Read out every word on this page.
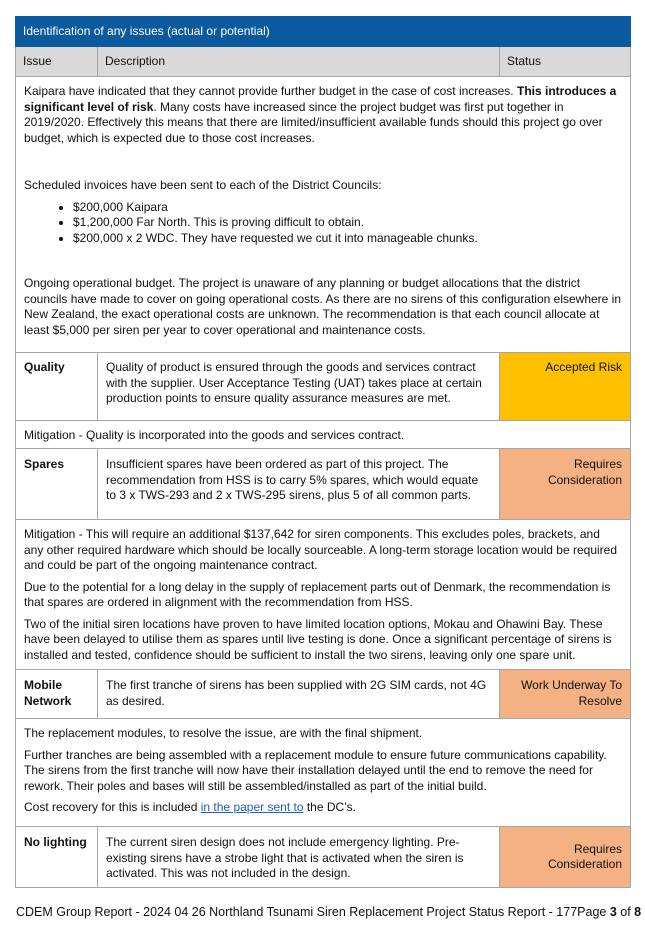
Identification of any issues (actual or potential)		
Issue	Description	Status

Kaipara have indicated that they cannot provide further budget in the case of cost increases. This introduces a significant level of risk. Many costs have increased since the project budget was first put together in 2019/2020. Effectively this means that there are limited/insufficient available funds should this project go over budget, which is expected due to those cost increases.

Scheduled invoices have been sent to each of the District Councils:

• $200,000 Kaipara
• $1,200,000 Far North. This is proving difficult to obtain.
• $200,000 x 2 WDC. They have requested we cut it into manageable chunks.

Ongoing operational budget. The project is unaware of any planning or budget allocations that the district councils have made to cover on going operational costs. As there are no sirens of this configuration elsewhere in New Zealand, the exact operational costs are unknown. The recommendation is that each council allocate at least $5,000 per siren per year to cover operational and maintenance costs.

Quality	Quality of product is ensured through the goods and services contract with the supplier. User Acceptance Testing (UAT) takes place at certain production points to ensure quality assurance measures are met.	Accepted Risk
Mitigation - Quality is incorporated into the goods and services contract.		
Spares	Insufficient spares have been ordered as part of this project. The recommendation from HSS is to carry 5% spares, which would equate to 3 x TWS-293 and 2 x TWS-295 sirens, plus 5 of all common parts.	Requires
Consideration

Mitigation - This will require an additional $137,642 for siren components. This excludes poles, brackets, and any other required hardware which should be locally sourceable. A long-term storage location would be required and could be part of the ongoing maintenance contract.

Due to the potential for a long delay in the supply of replacement parts out of Denmark, the recommendation is that spares are ordered in alignment with the recommendation from HSS.

Two of the initial siren locations have proven to have limited location options, Mokau and Ohawini Bay. These have been delayed to utilise them as spares until live testing is done. Once a significant percentage of sirens is installed and tested, confidence should be sufficient to install the two sirens, leaving only one spare unit.		

Mobile
Network	The first tranche of sirens has been supplied with 2G SIM cards, not 4G as desired.	Work Underway To
Resolve

The replacement modules, to resolve the issue, are with the final shipment.

Further tranches are being assembled with a replacement module to ensure future communications capability. The sirens from the first tranche will now have their installation delayed until the end to remove the need for rework. Their poles and bases will still be assembled/installed as part of the initial build.

Cost recovery for this is included in the paper sent to the DC’s.		

No lighting	The current siren design does not include emergency lighting. Pre-existing sirens have a strobe light that is activated when the siren is activated. This was not included in the design.	Requires
Consideration
CDEM Group Report - 2024 04 26 Northland Tsunami Siren Replacement Project Status Report - 177Page 3 of 8
